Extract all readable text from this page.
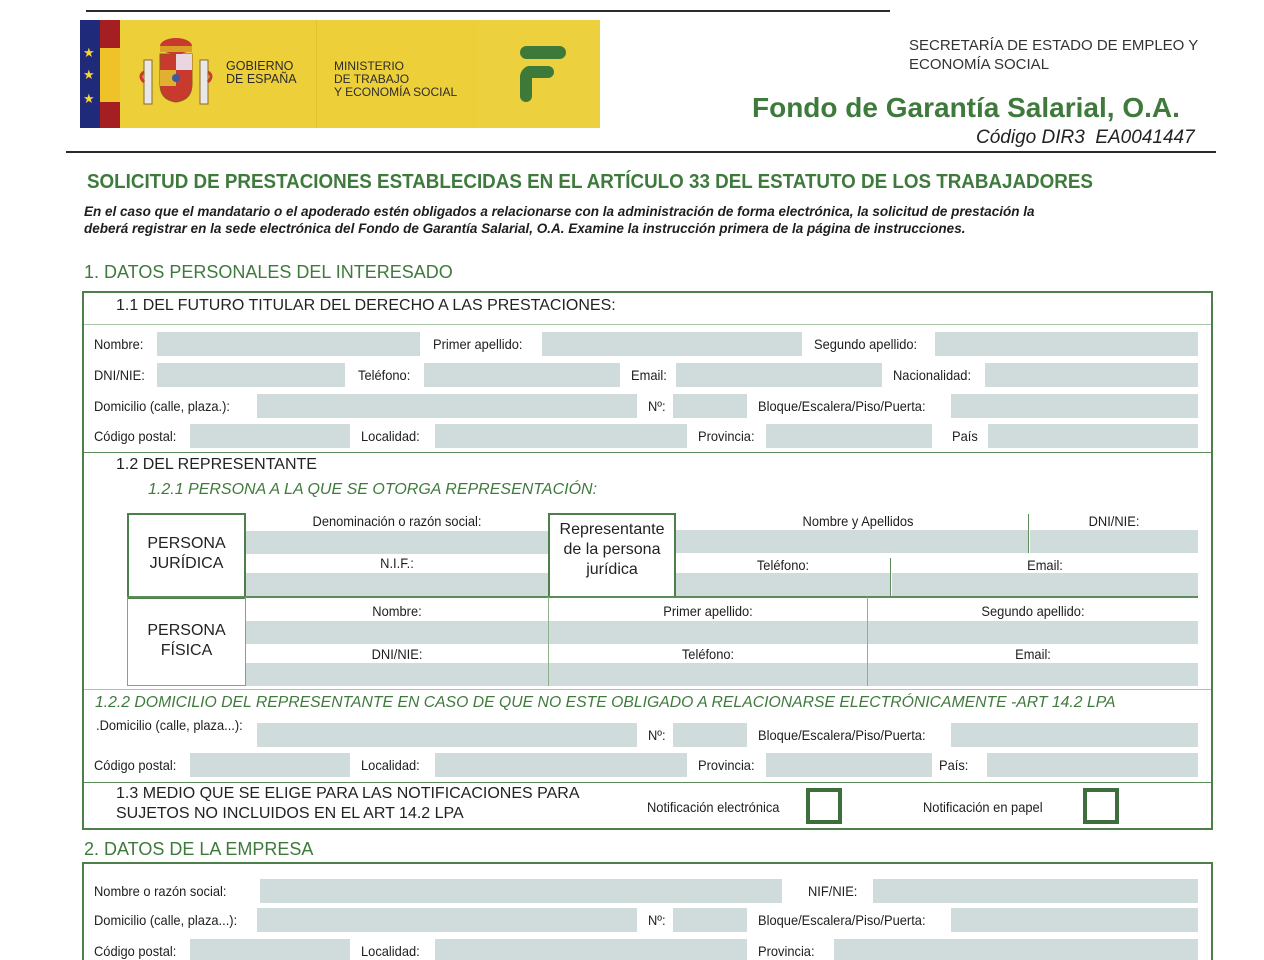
★
★
★
GOBIERNO
DE ESPAÑA
MINISTERIO
DE TRABAJO
Y ECONOMÍA SOCIAL
SECRETARÍA DE ESTADO DE EMPLEO Y
ECONOMÍA SOCIAL
Fondo de Garantía Salarial, O.A.
Código DIR3  EA0041447
SOLICITUD DE PRESTACIONES ESTABLECIDAS EN EL ARTÍCULO 33 DEL ESTATUTO DE LOS TRABAJADORES
En el caso que el mandatario o el apoderado estén obligados a relacionarse con la administración de forma electrónica, la solicitud de prestación la
deberá registrar en la sede electrónica del Fondo de Garantía Salarial, O.A. Examine la instrucción primera de la página de instrucciones.
1. DATOS PERSONALES DEL INTERESADO
1.1 DEL FUTURO TITULAR DEL DERECHO A LAS PRESTACIONES:
Nombre:	Primer apellido:	Segundo apellido:
DNI/NIE:	Teléfono:	Email:	Nacionalidad:
Domicilio (calle, plaza.):	Nº:	Bloque/Escalera/Piso/Puerta:
Código postal:	Localidad:	Provincia:	País
1.2 DEL REPRESENTANTE
1.2.1 PERSONA A LA QUE SE OTORGA REPRESENTACIÓN:
PERSONA
JURÍDICA
Denominación o razón social:
N.I.F.:
Representante
de la persona
jurídica
Nombre y Apellidos	DNI/NIE:
Teléfono:	Email:
PERSONA
FÍSICA
Nombre:	Primer apellido:	Segundo apellido:
DNI/NIE:	Teléfono:	Email:
1.2.2 DOMICILIO DEL REPRESENTANTE EN CASO DE QUE NO ESTE OBLIGADO A RELACIONARSE ELECTRÓNICAMENTE -ART 14.2 LPA
.Domicilio (calle, plaza...):
Nº:	Bloque/Escalera/Piso/Puerta:
Código postal:	Localidad:	Provincia:	País:
1.3 MEDIO QUE SE ELIGE PARA LAS NOTIFICACIONES PARA
SUJETOS NO INCLUIDOS EN EL ART 14.2 LPA	Notificación electrónica	Notificación en papel
2. DATOS DE LA EMPRESA
Nombre o razón social:	NIF/NIE:
Domicilio (calle, plaza...):	Nº:	Bloque/Escalera/Piso/Puerta:
Código postal:	Localidad:	Provincia:
